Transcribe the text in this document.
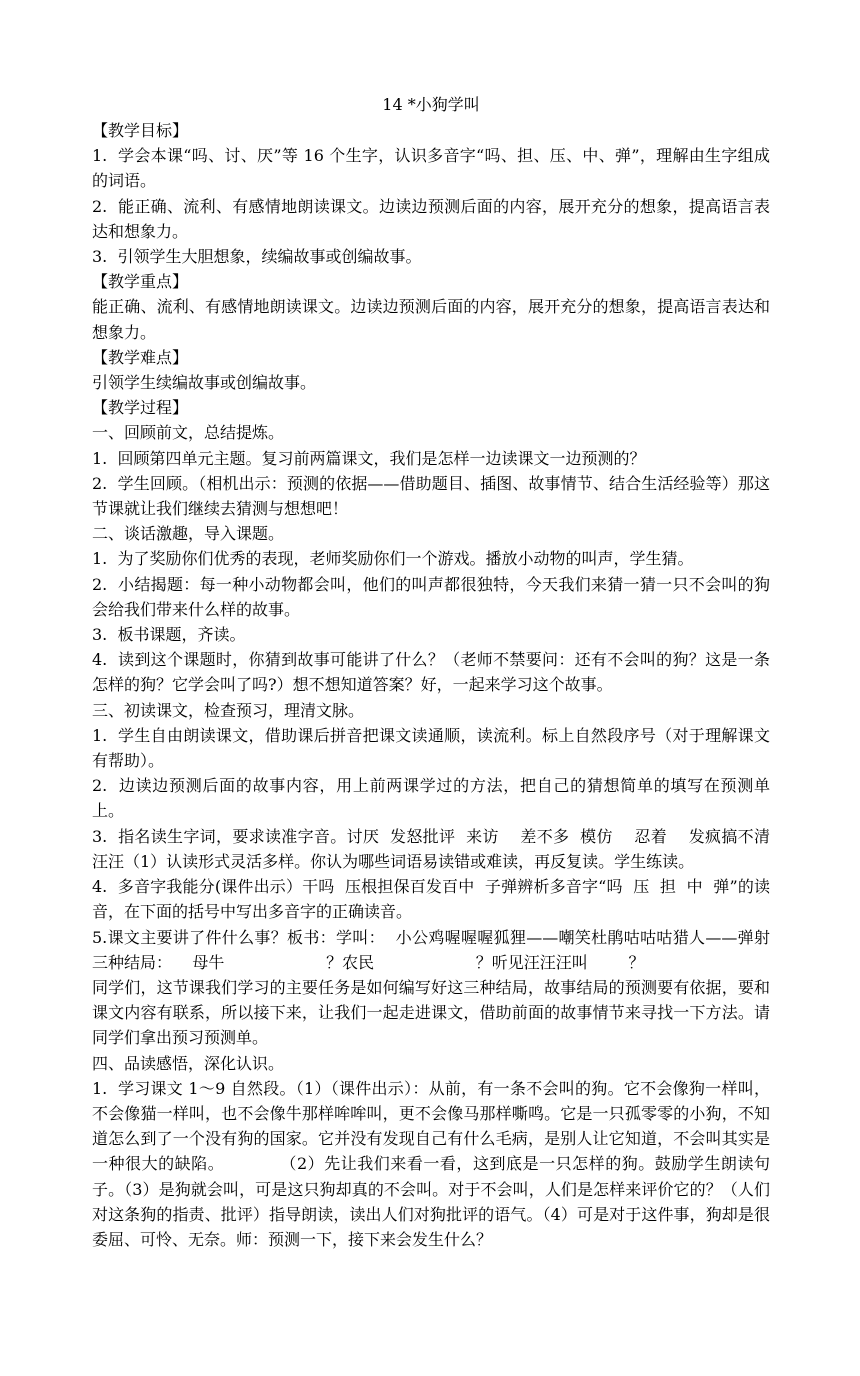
14 *小狗学叫
【教学目标】
1.  学会本课“吗、讨、厌”等 16 个生字，认识多音字“吗、担、压、中、弹”，理解由生字组成的词语。
2.  能正确、流利、有感情地朗读课文。边读边预测后面的内容，展开充分的想象，提高语言表达和想象力。
3.  引领学生大胆想象，续编故事或创编故事。
【教学重点】
能正确、流利、有感情地朗读课文。边读边预测后面的内容，展开充分的想象，提高语言表达和想象力。
【教学难点】
引领学生续编故事或创编故事。
【教学过程】
一、回顾前文，总结提炼。
1.  回顾第四单元主题。复习前两篇课文，我们是怎样一边读课文一边预测的？
2.  学生回顾。（相机出示：预测的依据——借助题目、插图、故事情节、结合生活经验等）那这节课就让我们继续去猜测与想想吧！
二、谈话激趣，导入课题。
1.  为了奖励你们优秀的表现，老师奖励你们一个游戏。播放小动物的叫声，学生猜。
2.  小结揭题：每一种小动物都会叫，他们的叫声都很独特，今天我们来猜一猜一只不会叫的狗会给我们带来什么样的故事。
3.  板书课题，齐读。
4.  读到这个课题时，你猜到故事可能讲了什么？（老师不禁要问：还有不会叫的狗？这是一条怎样的狗？它学会叫了吗?）想不想知道答案？好，一起来学习这个故事。
三、初读课文，检查预习，理清文脉。
1.  学生自由朗读课文，借助课后拼音把课文读通顺，读流利。标上自然段序号（对于理解课文有帮助）。
2.  边读边预测后面的故事内容，用上前两课学过的方法，把自己的猜想简单的填写在预测单上。
3.  指名读生字词，要求读准字音。讨厌  发怒批评  来访    差不多  模仿    忍着    发疯搞不清    汪汪（1）认读形式灵活多样。你认为哪些词语易读错或难读，再反复读。学生练读。
4.  多音字我能分(课件出示）干吗  压根担保百发百中  子弹辨析多音字“吗  压  担  中  弹”的读音，在下面的括号中写出多音字的正确读音。
5.课文主要讲了件什么事？板书：学叫：  小公鸡喔喔喔狐狸——嘲笑杜鹃咕咕咕猎人——弹射三种结局：    母牛                    ？农民                    ？听见汪汪汪叫        ？
同学们，这节课我们学习的主要任务是如何编写好这三种结局，故事结局的预测要有依据，要和课文内容有联系，所以接下来，让我们一起走进课文，借助前面的故事情节来寻找一下方法。请同学们拿出预习预测单。
四、品读感悟，深化认识。
1.  学习课文 1～9 自然段。（1）（课件出示）：从前，有一条不会叫的狗。它不会像狗一样叫，不会像猫一样叫，也不会像牛那样哞哞叫，更不会像马那样嘶鸣。它是一只孤零零的小狗，不知道怎么到了一个没有狗的国家。它并没有发现自己有什么毛病，是别人让它知道，不会叫其实是一种很大的缺陷。          （2）先让我们来看一看，这到底是一只怎样的狗。鼓励学生朗读句子。（3）是狗就会叫，可是这只狗却真的不会叫。对于不会叫，人们是怎样来评价它的？（人们对这条狗的指责、批评）指导朗读，读出人们对狗批评的语气。（4）可是对于这件事，狗却是很委屈、可怜、无奈。师：预测一下，接下来会发生什么？
